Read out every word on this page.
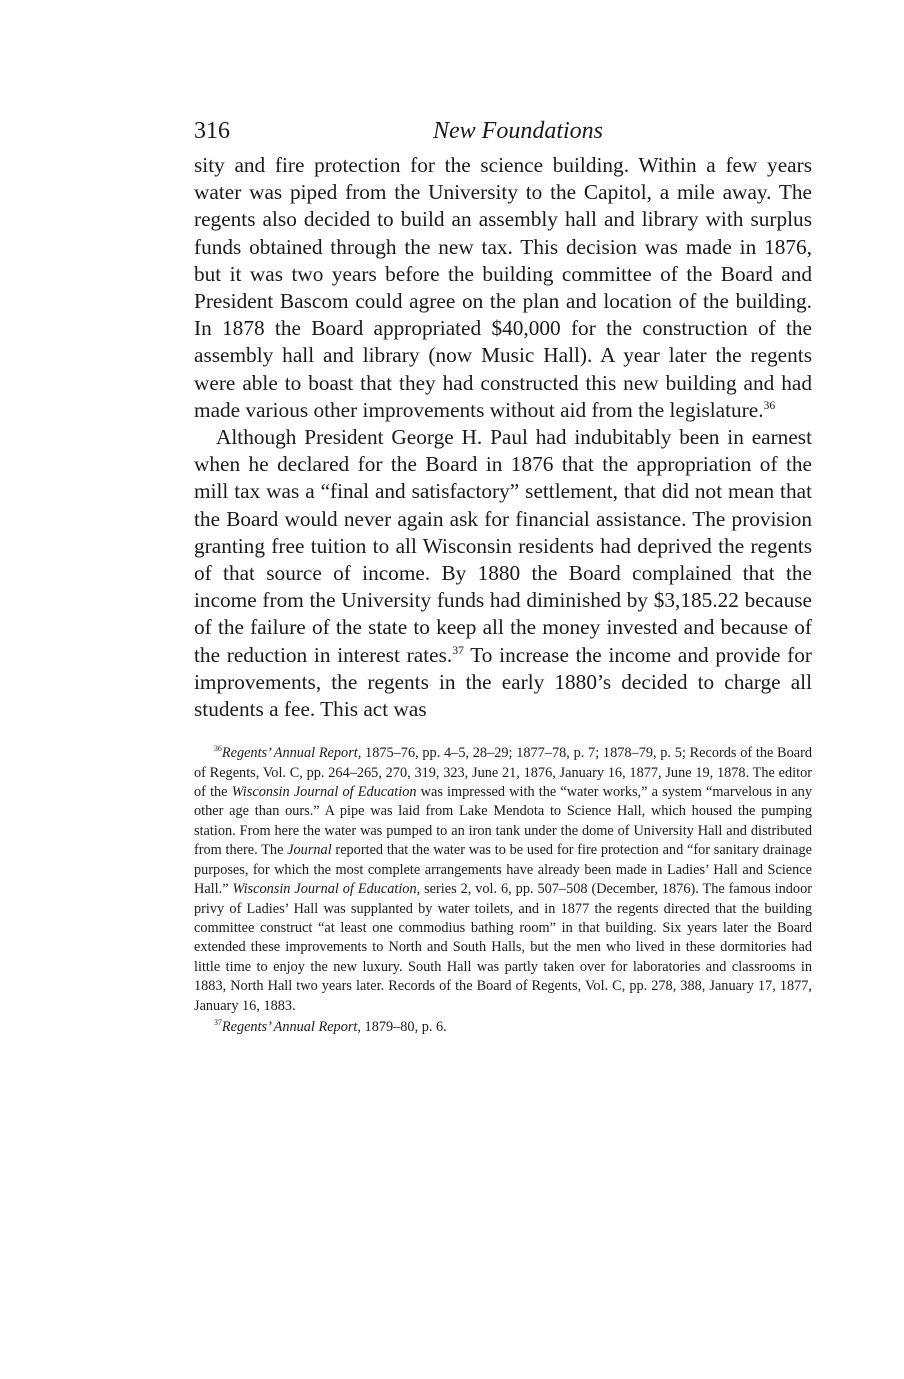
316	New Foundations

sity and fire protection for the science building. Within a few years water was piped from the University to the Capitol, a mile away. The regents also decided to build an assembly hall and library with surplus funds obtained through the new tax. This decision was made in 1876, but it was two years before the building committee of the Board and President Bascom could agree on the plan and location of the building. In 1878 the Board appropriated $40,000 for the construction of the assembly hall and library (now Music Hall). A year later the regents were able to boast that they had constructed this new building and had made various other improvements without aid from the legislature.$^{36}$

Although President George H. Paul had indubitably been in earnest when he declared for the Board in 1876 that the appropriation of the mill tax was a “final and satisfactory” settlement, that did not mean that the Board would never again ask for financial assistance. The provision granting free tuition to all Wisconsin residents had deprived the regents of that source of income. By 1880 the Board complained that the income from the University funds had diminished by $3,185.22 because of the failure of the state to keep all the money invested and because of the reduction in interest rates.$^{37}$ To increase the income and provide for improvements, the regents in the early 1880’s decided to charge all students a fee. This act was

$^{36}$Regents’ Annual Report, 1875–76, pp. 4–5, 28–29; 1877–78, p. 7; 1878–79, p. 5; Records of the Board of Regents, Vol. C, pp. 264–265, 270, 319, 323, June 21, 1876, January 16, 1877, June 19, 1878. The editor of the Wisconsin Journal of Education was impressed with the “water works,” a system “marvelous in any other age than ours.” A pipe was laid from Lake Mendota to Science Hall, which housed the pumping station. From here the water was pumped to an iron tank under the dome of University Hall and distributed from there. The Journal reported that the water was to be used for fire protection and “for sanitary drainage purposes, for which the most complete arrangements have already been made in Ladies’ Hall and Science Hall.” Wisconsin Journal of Education, series 2, vol. 6, pp. 507–508 (December, 1876). The famous indoor privy of Ladies’ Hall was supplanted by water toilets, and in 1877 the regents directed that the building committee construct “at least one commodius bathing room” in that building. Six years later the Board extended these improvements to North and South Halls, but the men who lived in these dormitories had little time to enjoy the new luxury. South Hall was partly taken over for laboratories and classrooms in 1883, North Hall two years later. Records of the Board of Regents, Vol. C, pp. 278, 388, January 17, 1877, January 16, 1883.

$^{37}$Regents’ Annual Report, 1879–80, p. 6.
